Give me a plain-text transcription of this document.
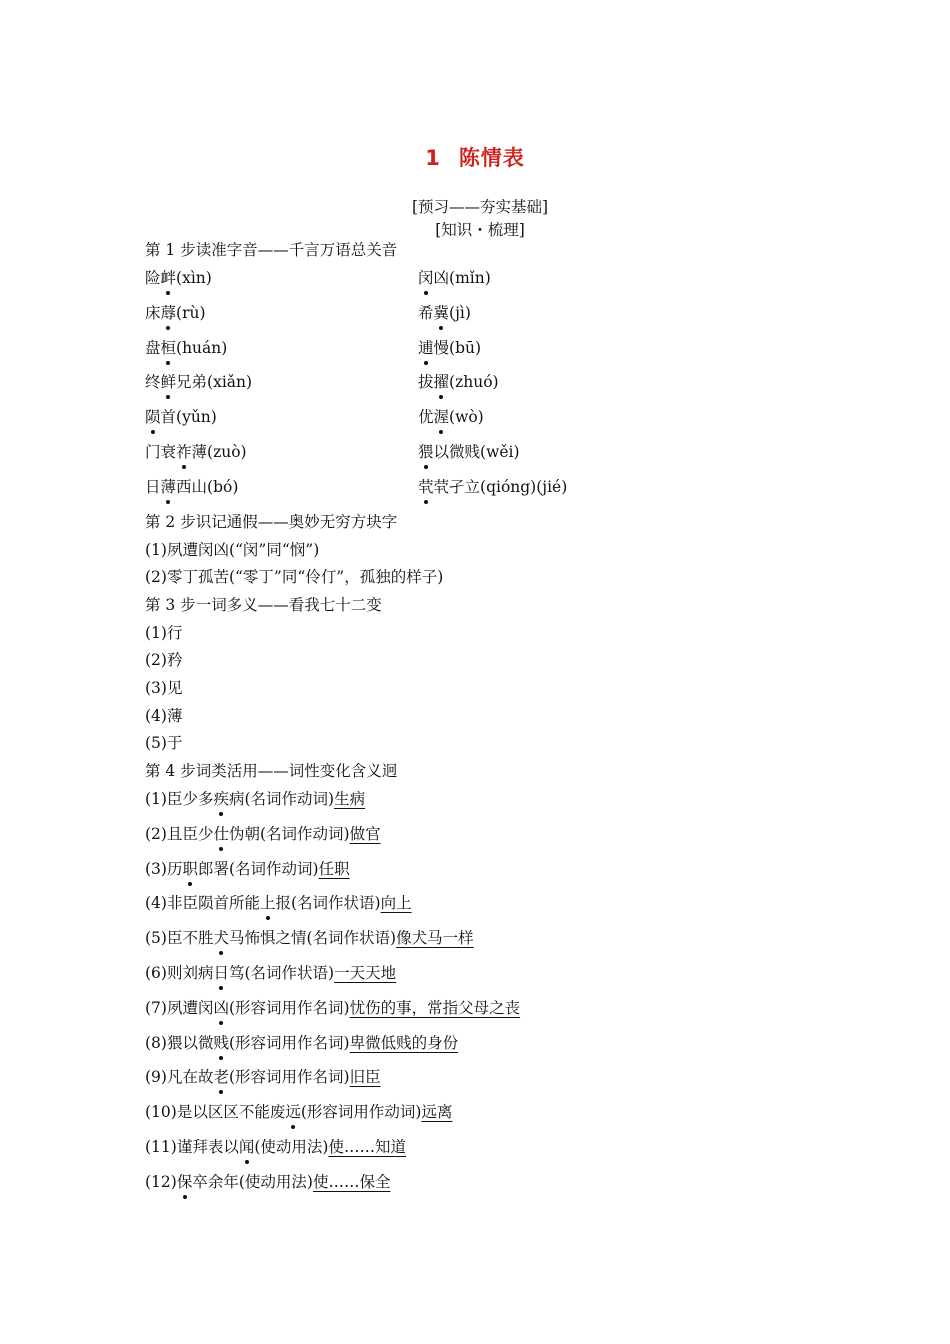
1 陈情表
[预习——夯实基础]
[知识・梳理]
第 1 步读准字音——千言万语总关音
险衅(xìn)	闵凶(mǐn)
床蓐(rù)	希冀(jì)
盘桓(huán)	逋慢(bū)
终鲜兄弟(xiǎn)	拔擢(zhuó)
陨首(yǔn)	优渥(wò)
门衰祚薄(zuò)	猥以微贱(wěi)
日薄西山(bó)	茕茕孑立(qióng)(jié)
第 2 步识记通假——奥妙无穷方块字
(1)夙遭闵凶(“闵”同“悯”)
(2)零丁孤苦(“零丁”同“伶仃”，孤独的样子)
第 3 步一词多义——看我七十二变
(1)行
(2)矜
(3)见
(4)薄
(5)于
第 4 步词类活用——词性变化含义迥
(1)臣少多疾病(名词作动词)生病
(2)且臣少仕伪朝(名词作动词)做官
(3)历职郎署(名词作动词)任职
(4)非臣陨首所能上报(名词作状语)向上
(5)臣不胜犬马怖惧之情(名词作状语)像犬马一样
(6)则刘病日笃(名词作状语)一天天地
(7)夙遭闵凶(形容词用作名词)忧伤的事，常指父母之丧
(8)猥以微贱(形容词用作名词)卑微低贱的身份
(9)凡在故老(形容词用作名词)旧臣
(10)是以区区不能废远(形容词用作动词)远离
(11)谨拜表以闻(使动用法)使……知道
(12)保卒余年(使动用法)使……保全
